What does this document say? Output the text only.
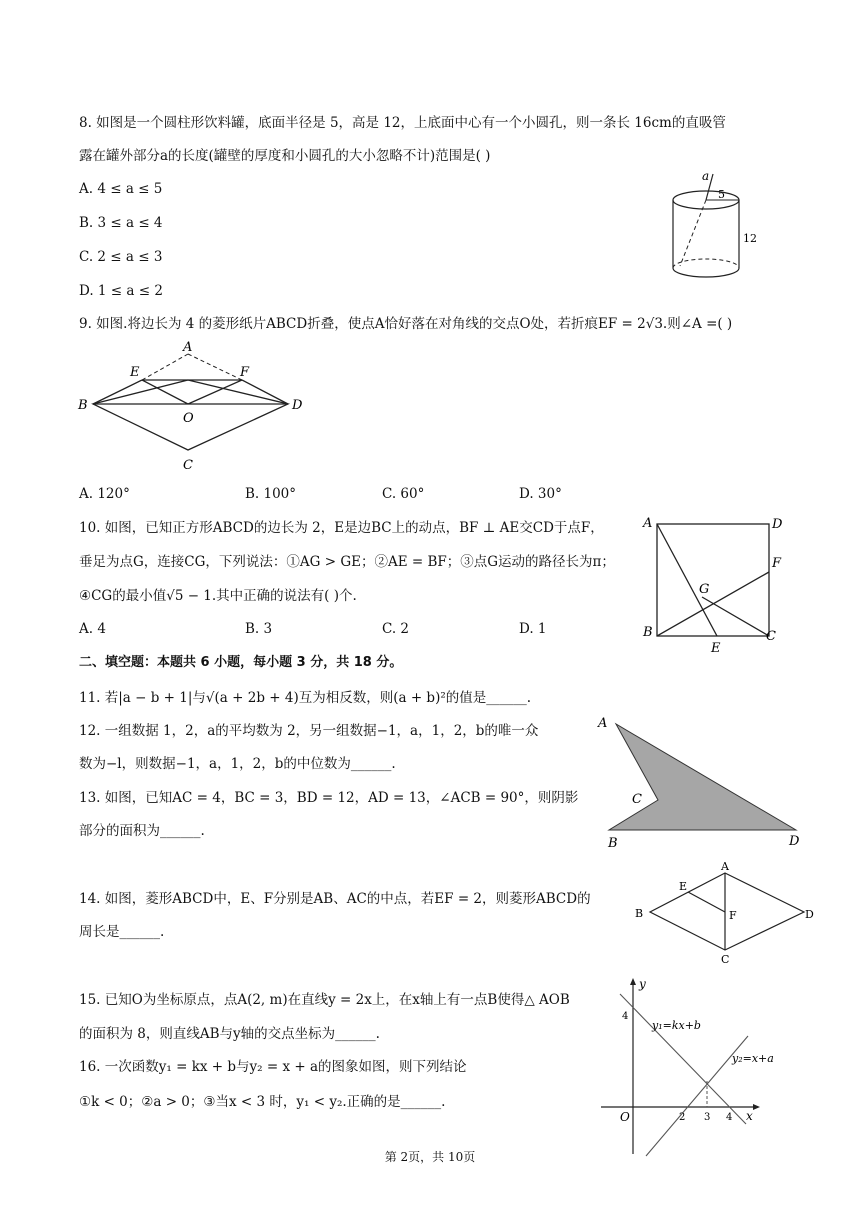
8. 如图是一个圆柱形饮料罐，底面半径是 5，高是 12，上底面中心有一个小圆孔，则一条长 16cm的直吸管
露在罐外部分a的长度(罐壁的厚度和小圆孔的大小忽略不计)范围是( )
A. 4 ≤ a ≤ 5
B. 3 ≤ a ≤ 4
C. 2 ≤ a ≤ 3
D. 1 ≤ a ≤ 2
a
5
12
9. 如图.将边长为 4 的菱形纸片ABCD折叠，使点A恰好落在对角线的交点O处，若折痕EF = 2√3.则∠A =( )
A
E	F
B	D
O
C
A. 120°	B. 100°	C. 60°	D. 30°
10. 如图，已知正方形ABCD的边长为 2，E是边BC上的动点，BF ⊥ AE交CD于点F，
垂足为点G，连接CG，下列说法：①AG > GE；②AE = BF；③点G运动的路径长为π；
④CG的最小值√5 − 1.其中正确的说法有( )个.
A. 4	B. 3	C. 2	D. 1
A	D
F
G
B	C
E
二、填空题：本题共 6 小题，每小题 3 分，共 18 分。
11. 若|a − b + 1|与√(a + 2b + 4)互为相反数，则(a + b)²的值是______.
12. 一组数据 1，2，a的平均数为 2，另一组数据−1，a，1，2，b的唯一众
数为−l，则数据−1，a，1，2，b的中位数为______.
13. 如图，已知AC = 4，BC = 3，BD = 12，AD = 13，∠ACB = 90°，则阴影
部分的面积为______.
A
C
B	D
14. 如图，菱形ABCD中，E、F分别是AB、AC的中点，若EF = 2，则菱形ABCD的
周长是______.
A
E
B	F	D
C
15. 已知O为坐标原点，点A(2, m)在直线y = 2x上，在x轴上有一点B使得△ AOB
的面积为 8，则直线AB与y轴的交点坐标为______.
16. 一次函数y₁ = kx + b与y₂ = x + a的图象如图，则下列结论
①k < 0；②a > 0；③当x < 3 时，y₁ < y₂.正确的是______.
y
x
O
4
2 3 4
y₁=kx+b
y₂=x+a
第 2页，共 10页
